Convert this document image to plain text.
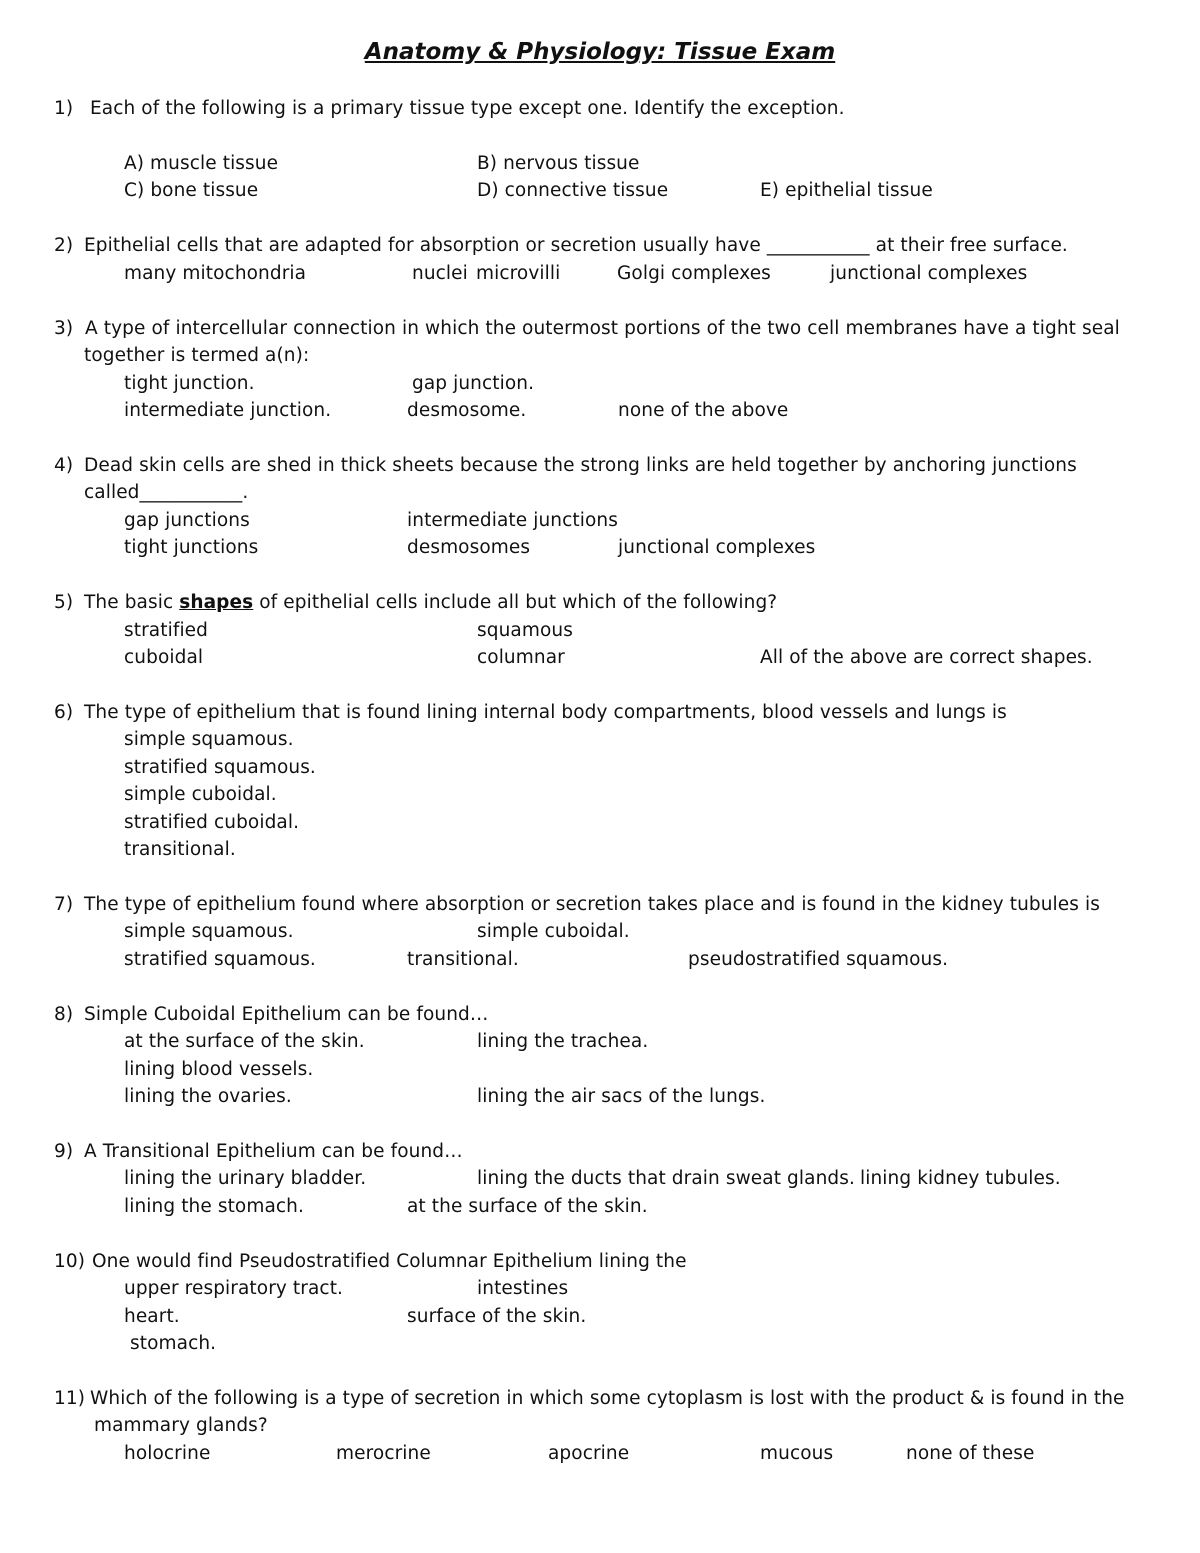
Anatomy & Physiology: Tissue Exam
1) Each of the following is a primary tissue type except one. Identify the exception.
A) muscle tissue	B) nervous tissue
C) bone tissue	D) connective tissue	E) epithelial tissue
2) Epithelial cells that are adapted for absorption or secretion usually have ___________ at their free surface.
many mitochondria	nuclei microvilli	Golgi complexes	junctional complexes
3) A type of intercellular connection in which the outermost portions of the two cell membranes have a tight seal
together is termed a(n):
tight junction.	gap junction.
intermediate junction.	desmosome.	none of the above
4) Dead skin cells are shed in thick sheets because the strong links are held together by anchoring junctions
called___________.
gap junctions	intermediate junctions
tight junctions	desmosomes	junctional complexes
5) The basic shapes of epithelial cells include all but which of the following?
stratified	squamous
cuboidal	columnar	All of the above are correct shapes.
6) The type of epithelium that is found lining internal body compartments, blood vessels and lungs is
simple squamous.
stratified squamous.
simple cuboidal.
stratified cuboidal.
transitional.
7) The type of epithelium found where absorption or secretion takes place and is found in the kidney tubules is
simple squamous.	simple cuboidal.
stratified squamous.	transitional.	pseudostratified squamous.
8) Simple Cuboidal Epithelium can be found…
at the surface of the skin.	lining the trachea.
lining blood vessels.
lining the ovaries.	lining the air sacs of the lungs.
9) A Transitional Epithelium can be found…
lining the urinary bladder.	lining the ducts that drain sweat glands. lining kidney tubules.
lining the stomach.	at the surface of the skin.
10) One would find Pseudostratified Columnar Epithelium lining the
upper respiratory tract.	intestines
heart.	surface of the skin.
stomach.
11) Which of the following is a type of secretion in which some cytoplasm is lost with the product & is found in the
mammary glands?
holocrine	merocrine	apocrine	mucous	none of these
